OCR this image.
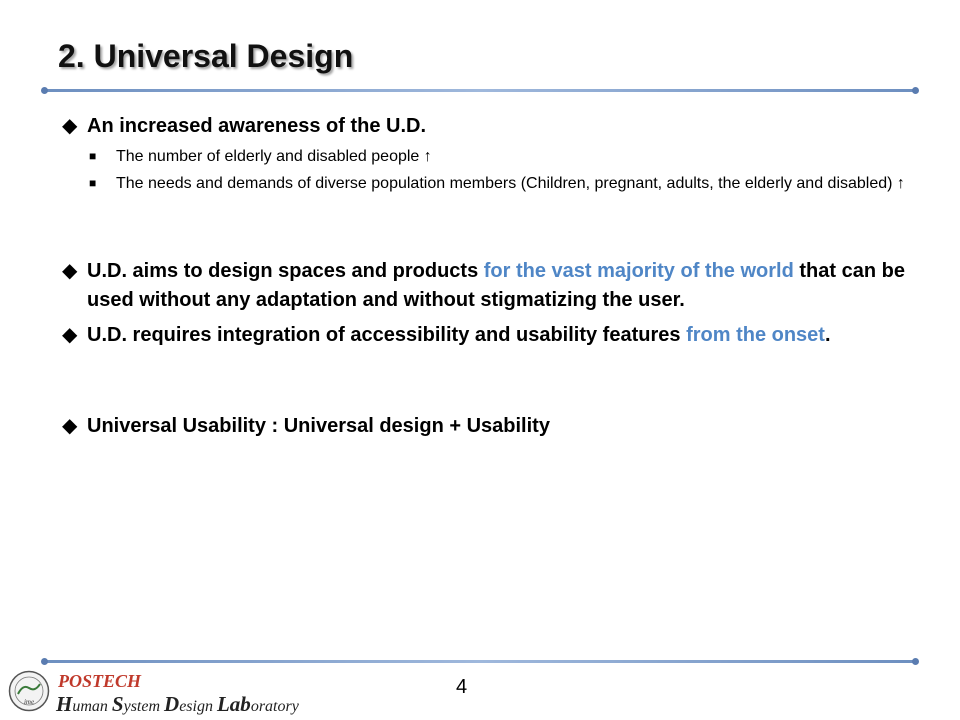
2. Universal Design
◆ An increased awareness of the U.D.
■ The number of elderly and disabled people ↑
■ The needs and demands of diverse population members (Children, pregnant, adults, the elderly and disabled) ↑
◆ U.D. aims to design spaces and products for the vast majority of the world that can be used without any adaptation and without stigmatizing the user.
◆ U.D. requires integration of accessibility and usability features from the onset.
◆ Universal Usability : Universal design + Usability
ime
POSTECH
Human System Design Laboratory
4
